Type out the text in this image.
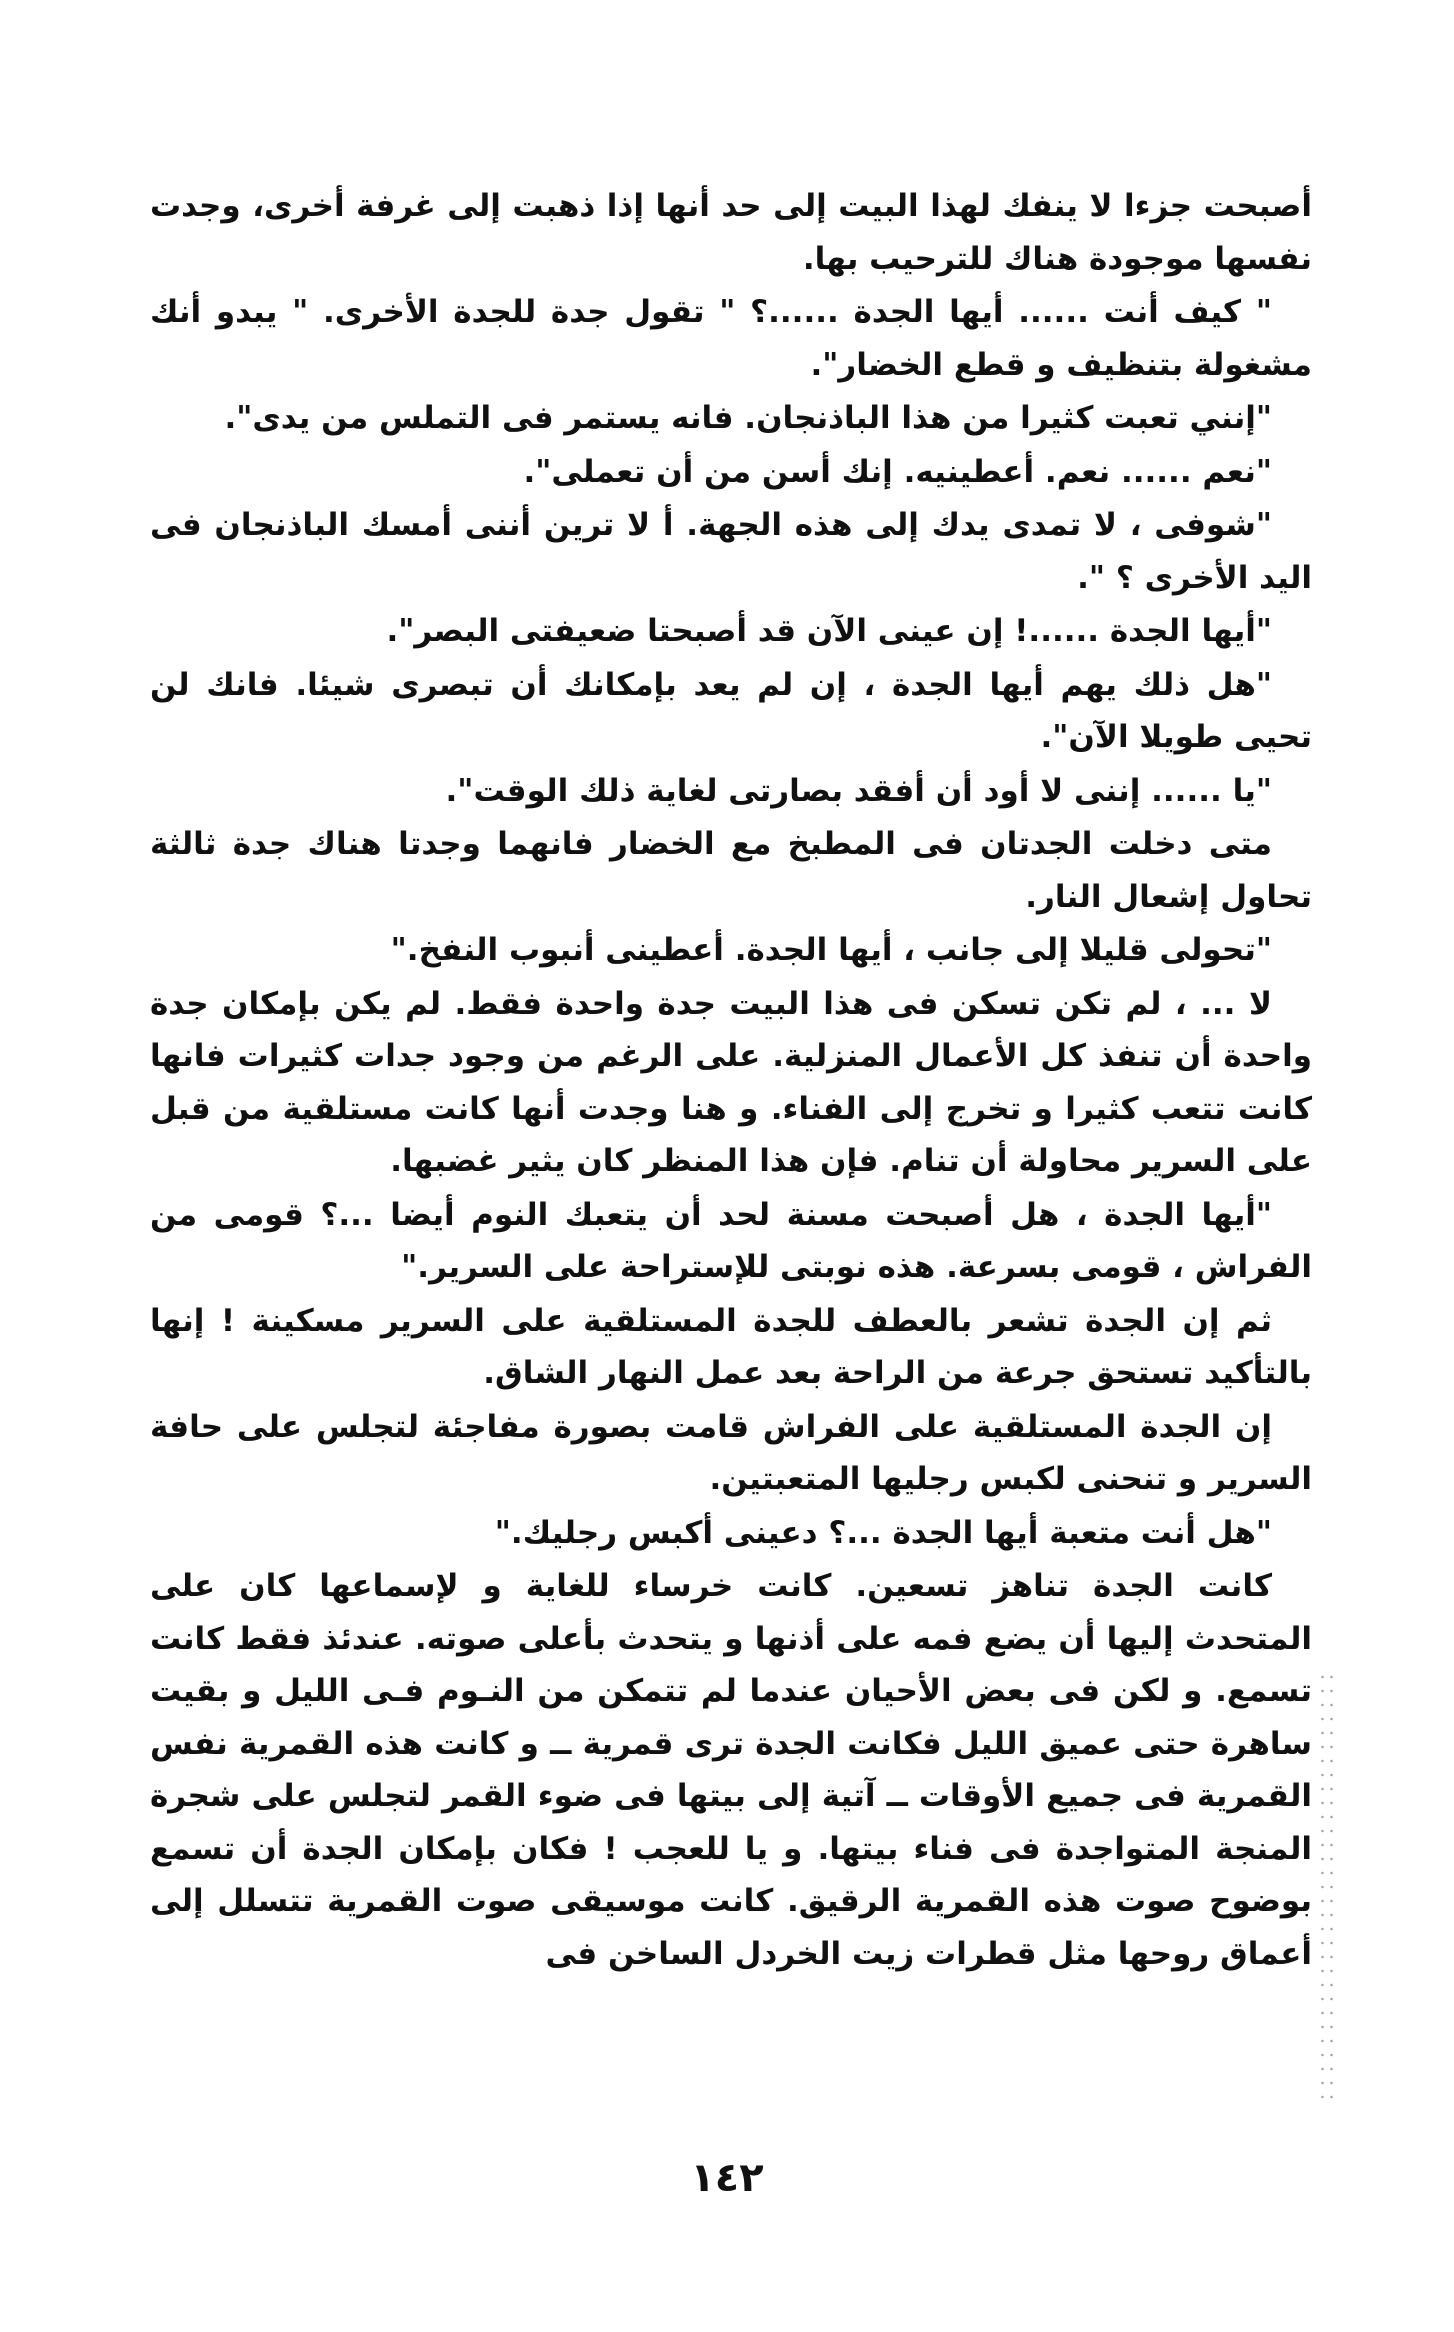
أصبحت جزءا لا ينفك لهذا البيت إلى حد أنها إذا ذهبت إلى غرفة أخرى، وجدت نفسها موجودة هناك للترحيب بها.

" كيف أنت ...... أيها الجدة ......؟ " تقول جدة للجدة الأخرى. " يبدو أنك مشغولة بتنظيف و قطع الخضار".

"إنني تعبت كثيرا من هذا الباذنجان. فانه يستمر فى التملس من يدى".

"نعم ...... نعم. أعطينيه. إنك أسن من أن تعملى".

"شوفى ، لا تمدى يدك إلى هذه الجهة. أ لا ترين أننى أمسك الباذنجان فى اليد الأخرى ؟ ".

"أيها الجدة ......! إن عينى الآن قد أصبحتا ضعيفتى البصر".

"هل ذلك يهم أيها الجدة ، إن لم يعد بإمكانك أن تبصرى شيئا. فانك لن تحيى طويلا الآن".

"يا ...... إننى لا أود أن أفقد بصارتى لغاية ذلك الوقت".

متى دخلت الجدتان فى المطبخ مع الخضار فانهما وجدتا هناك جدة ثالثة تحاول إشعال النار.

"تحولى قليلا إلى جانب ، أيها الجدة. أعطينى أنبوب النفخ."

لا ... ، لم تكن تسكن فى هذا البيت جدة واحدة فقط. لم يكن بإمكان جدة واحدة أن تنفذ كل الأعمال المنزلية. على الرغم من وجود جدات كثيرات فانها كانت تتعب كثيرا و تخرج إلى الفناء. و هنا وجدت أنها كانت مستلقية من قبل على السرير محاولة أن تنام. فإن هذا المنظر كان يثير غضبها.

"أيها الجدة ، هل أصبحت مسنة لحد أن يتعبك النوم أيضا ...؟ قومى من الفراش ، قومى بسرعة. هذه نوبتى للإستراحة على السرير."

ثم إن الجدة تشعر بالعطف للجدة المستلقية على السرير مسكينة ! إنها بالتأكيد تستحق جرعة من الراحة بعد عمل النهار الشاق.

إن الجدة المستلقية على الفراش قامت بصورة مفاجئة لتجلس على حافة السرير و تنحنى لكبس رجليها المتعبتين.

"هل أنت متعبة أيها الجدة ...؟ دعينى أكبس رجليك."

كانت الجدة تناهز تسعين. كانت خرساء للغاية و لإسماعها كان على المتحدث إليها أن يضع فمه على أذنها و يتحدث بأعلى صوته. عندئذ فقط كانت تسمع. و لكن فى بعض الأحيان عندما لم تتمكن من النـوم فـى الليل و بقيت ساهرة حتى عميق الليل فكانت الجدة ترى قمرية ــ و كانت هذه القمرية نفس القمرية فى جميع الأوقات ــ آتية إلى بيتها فى ضوء القمر لتجلس على شجرة المنجة المتواجدة فى فناء بيتها. و يا للعجب ! فكان بإمكان الجدة أن تسمع بوضوح صوت هذه القمرية الرقيق. كانت موسيقى صوت القمرية تتسلل إلى أعماق روحها مثل قطرات زيت الخردل الساخن فى

١٤٢
